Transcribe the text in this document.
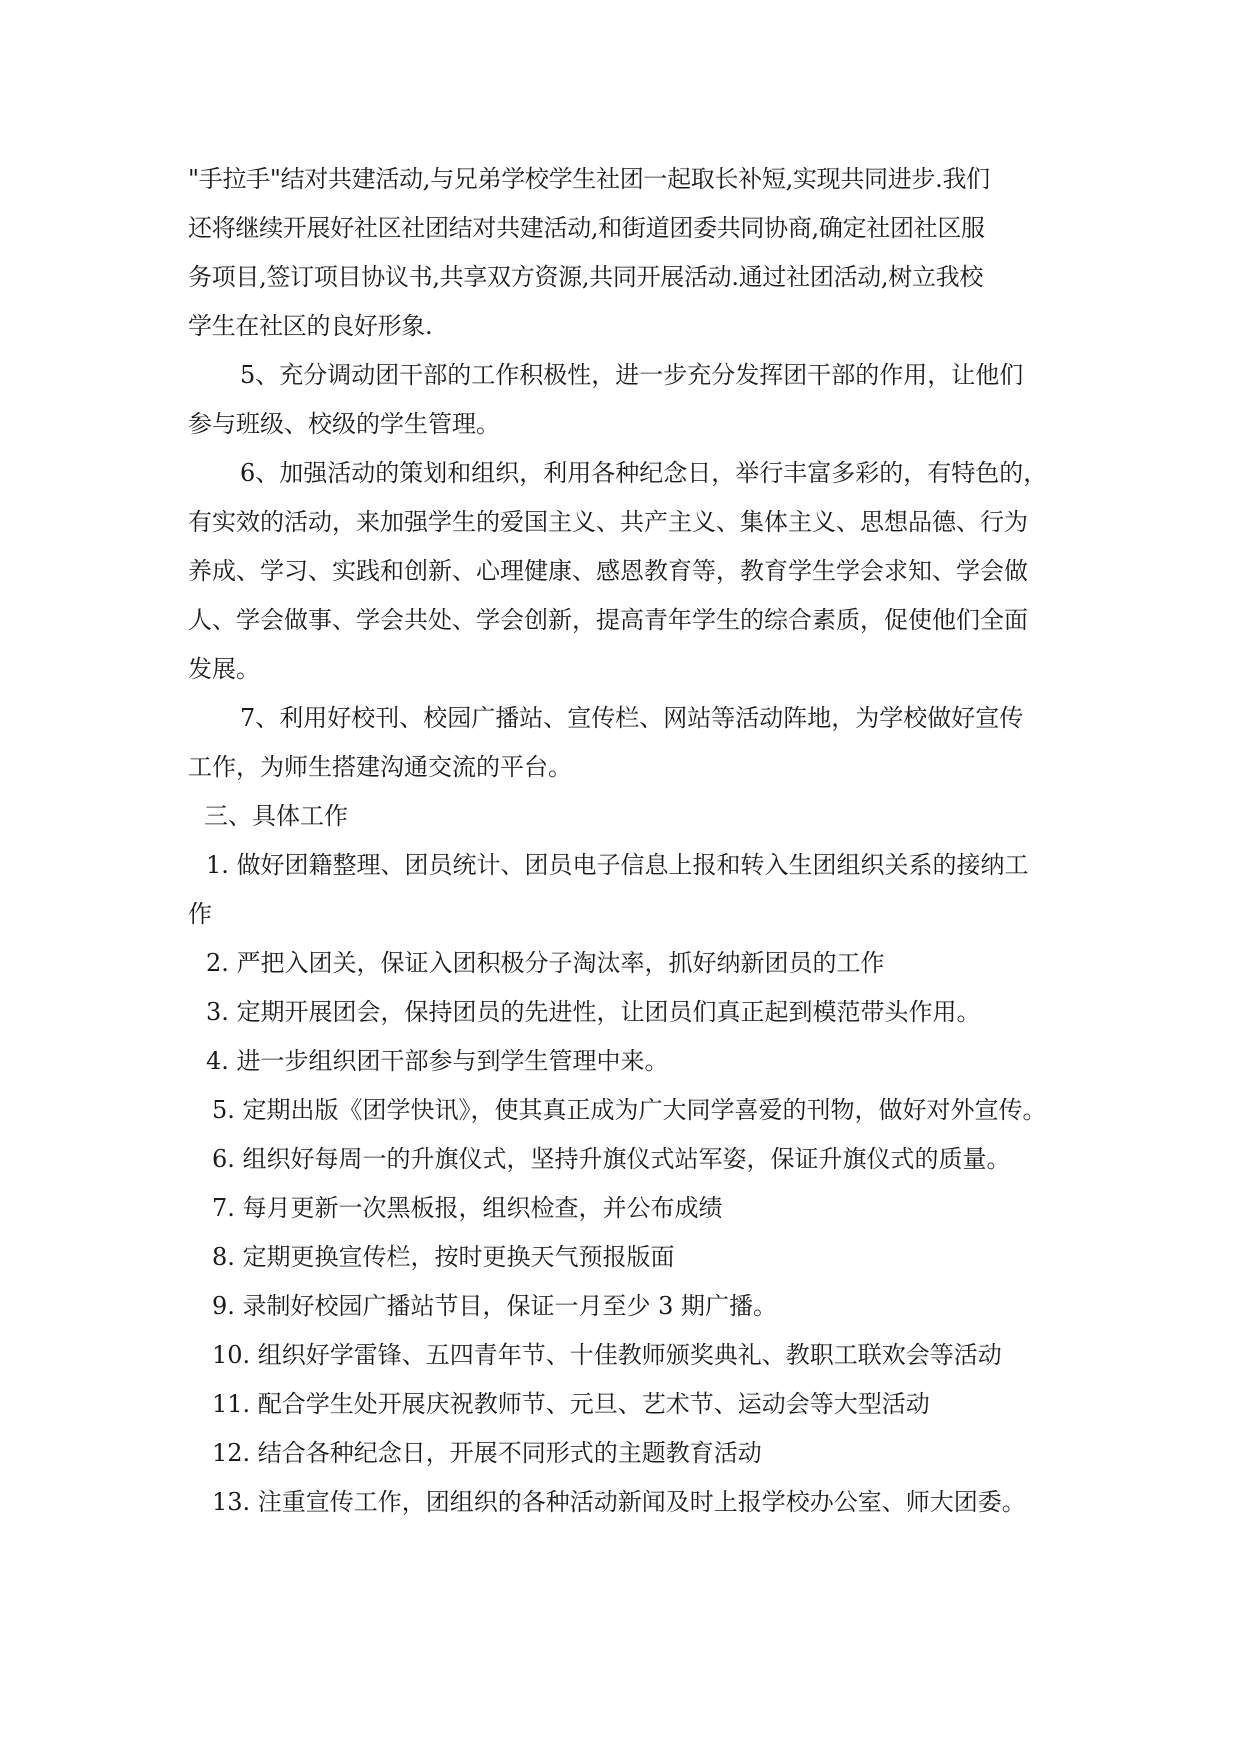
"手拉手"结对共建活动,与兄弟学校学生社团一起取长补短,实现共同进步.我们
还将继续开展好社区社团结对共建活动,和街道团委共同协商,确定社团社区服
务项目,签订项目协议书,共享双方资源,共同开展活动.通过社团活动,树立我校
学生在社区的良好形象.
5、充分调动团干部的工作积极性，进一步充分发挥团干部的作用，让他们
参与班级、校级的学生管理。
6、加强活动的策划和组织，利用各种纪念日，举行丰富多彩的，有特色的，
有实效的活动，来加强学生的爱国主义、共产主义、集体主义、思想品德、行为
养成、学习、实践和创新、心理健康、感恩教育等，教育学生学会求知、学会做
人、学会做事、学会共处、学会创新，提高青年学生的综合素质，促使他们全面
发展。
7、利用好校刊、校园广播站、宣传栏、网站等活动阵地，为学校做好宣传
工作，为师生搭建沟通交流的平台。
三、具体工作
1. 做好团籍整理、团员统计、团员电子信息上报和转入生团组织关系的接纳工
作
2. 严把入团关，保证入团积极分子淘汰率，抓好纳新团员的工作
3. 定期开展团会，保持团员的先进性，让团员们真正起到模范带头作用。
4. 进一步组织团干部参与到学生管理中来。
5. 定期出版《团学快讯》，使其真正成为广大同学喜爱的刊物，做好对外宣传。
6. 组织好每周一的升旗仪式，坚持升旗仪式站军姿，保证升旗仪式的质量。
7. 每月更新一次黑板报，组织检查，并公布成绩
8. 定期更换宣传栏，按时更换天气预报版面
9. 录制好校园广播站节目，保证一月至少 3 期广播。
10. 组织好学雷锋、五四青年节、十佳教师颁奖典礼、教职工联欢会等活动
11. 配合学生处开展庆祝教师节、元旦、艺术节、运动会等大型活动
12. 结合各种纪念日，开展不同形式的主题教育活动
13. 注重宣传工作，团组织的各种活动新闻及时上报学校办公室、师大团委。
